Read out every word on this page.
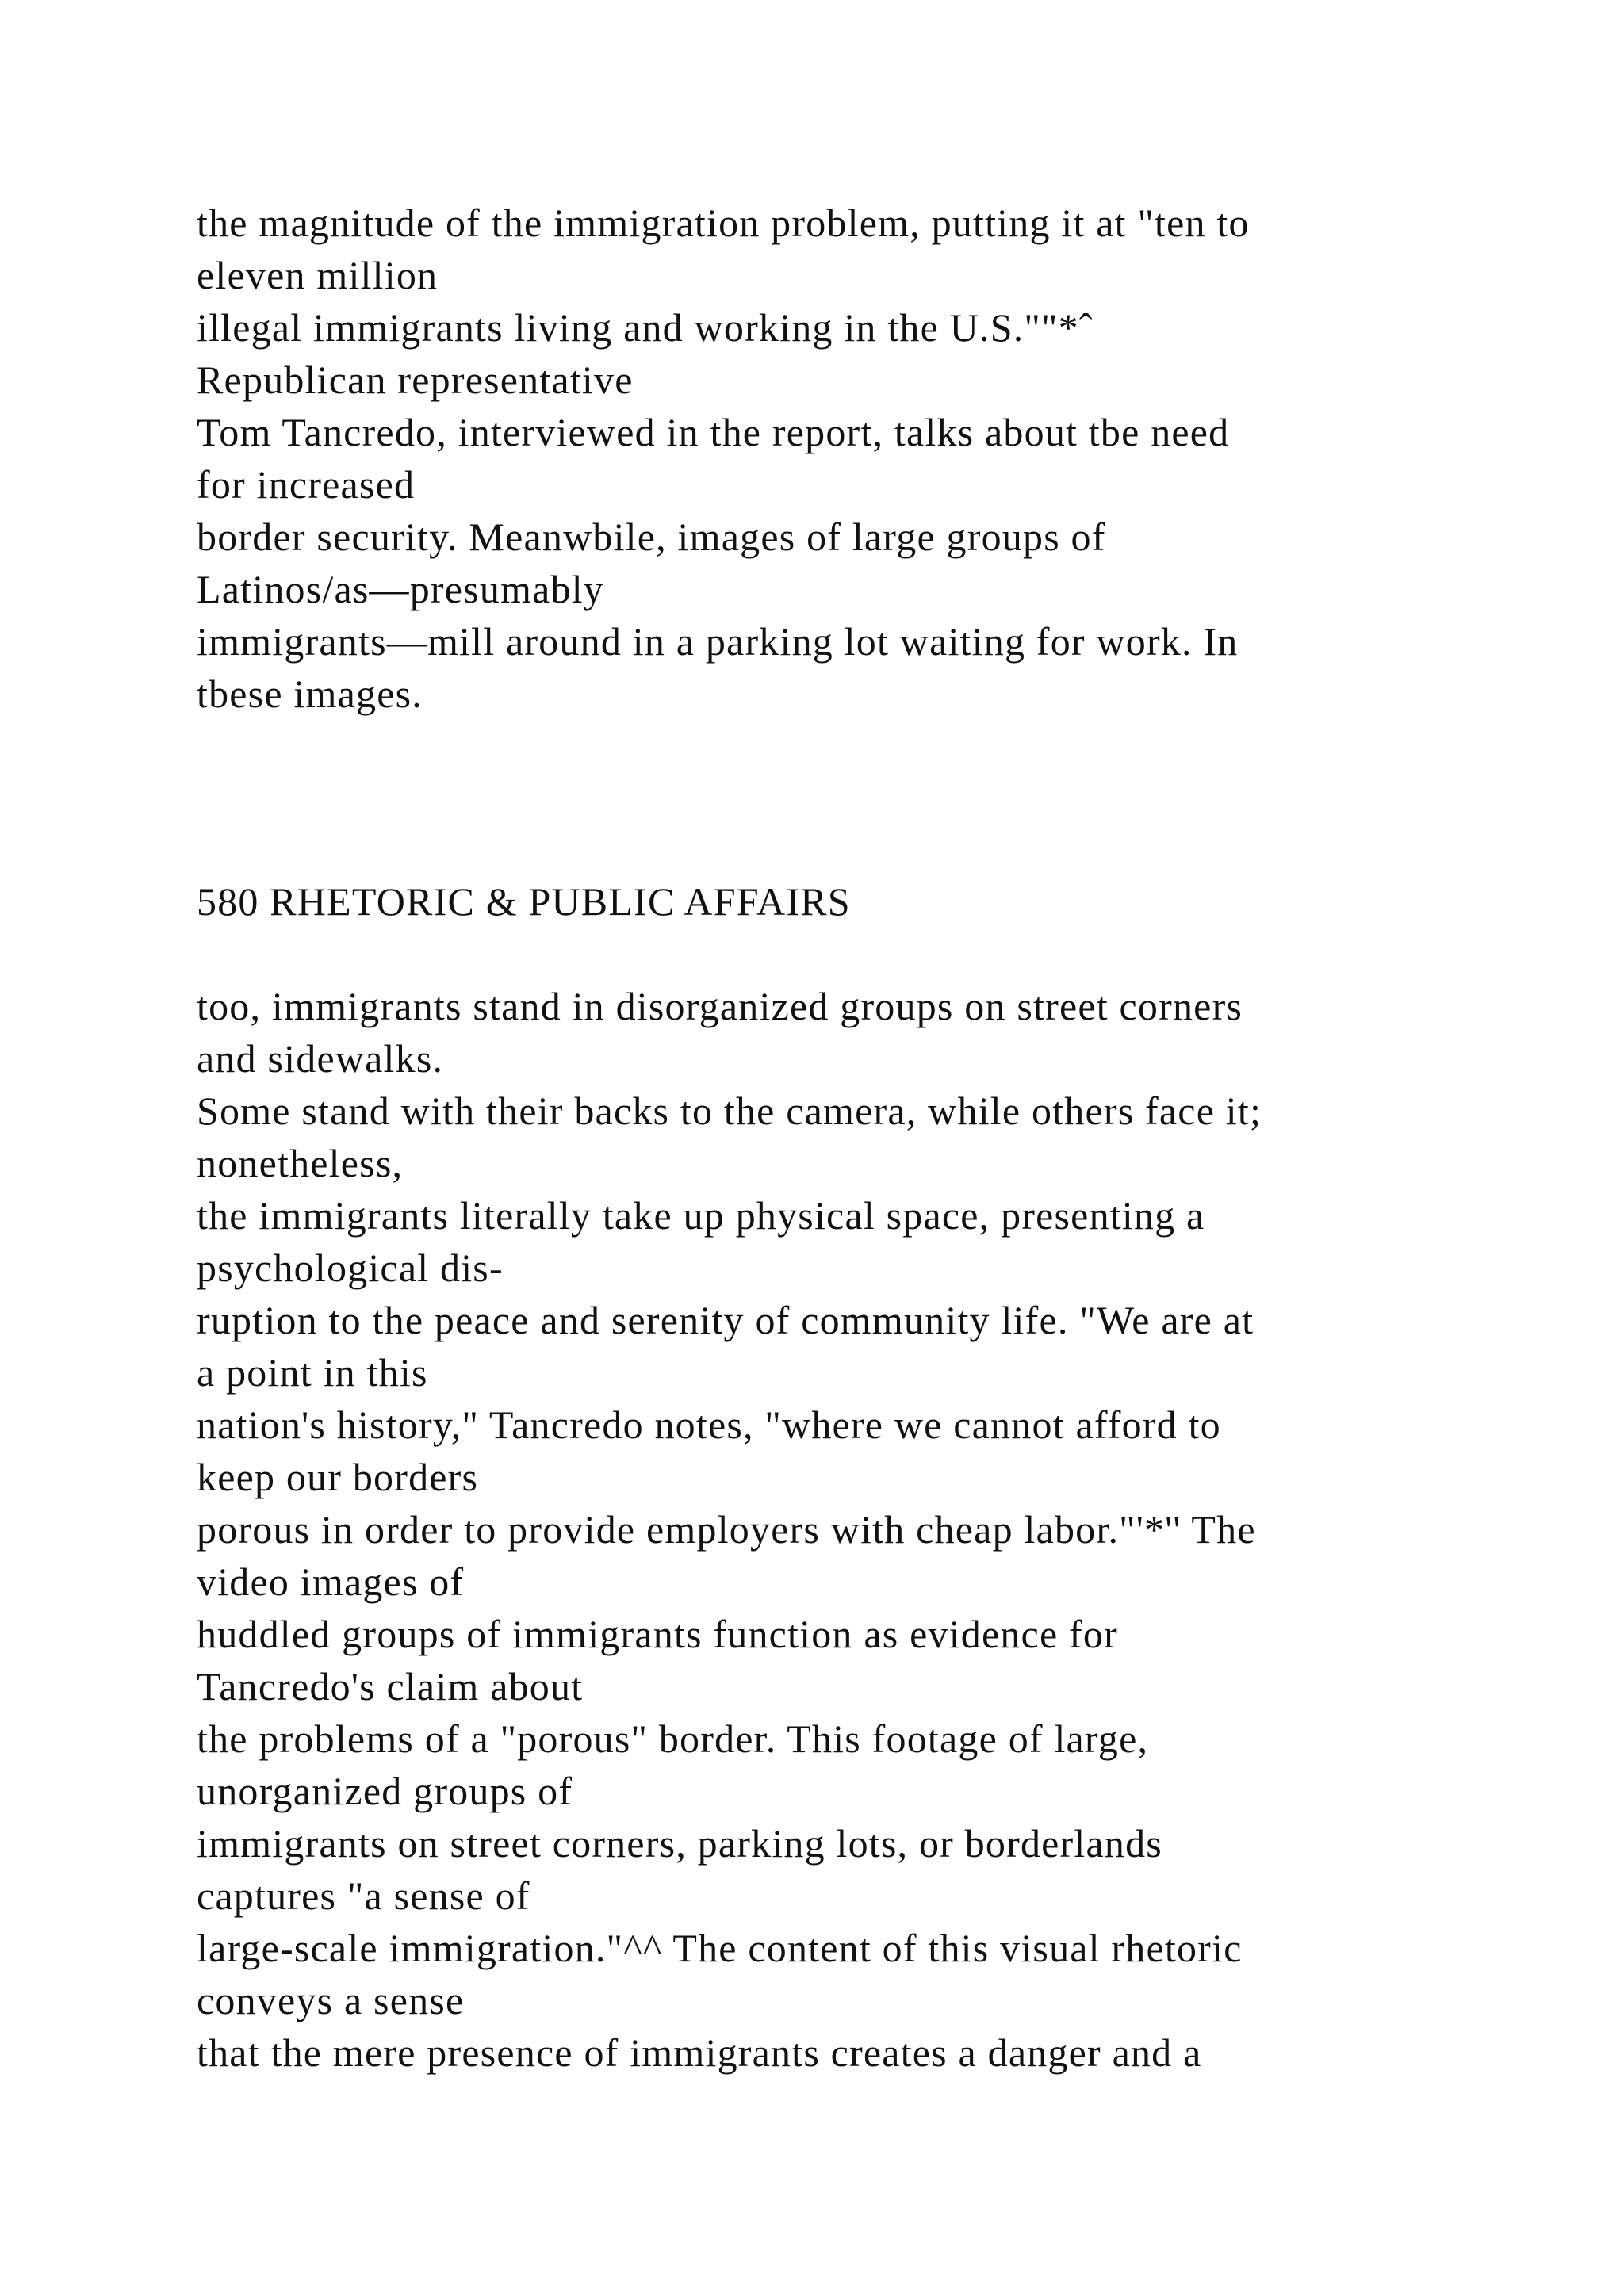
the magnitude of the immigration problem, putting it at "ten to
eleven million
illegal immigrants living and working in the U.S.""*ˆ
Republican representative
Tom Tancredo, interviewed in the report, talks about tbe need
for increased
border security. Meanwbile, images of large groups of
Latinos/as—presumably
immigrants—mill around in a parking lot waiting for work. In
tbese images.
580 RHETORIC & PUBLIC AFFAIRS
too, immigrants stand in disorganized groups on street corners
and sidewalks.
Some stand with their backs to the camera, while others face it;
nonetheless,
the immigrants literally take up physical space, presenting a
psychological dis-
ruption to the peace and serenity of community life. "We are at
a point in this
nation's history," Tancredo notes, "where we cannot afford to
keep our borders
porous in order to provide employers with cheap labor."'*'' The
video images of
huddled groups of immigrants function as evidence for
Tancredo's claim about
the problems of a "porous" border. This footage of large,
unorganized groups of
immigrants on street corners, parking lots, or borderlands
captures "a sense of
large-scale immigration."^^ The content of this visual rhetoric
conveys a sense
that the mere presence of immigrants creates a danger and a
